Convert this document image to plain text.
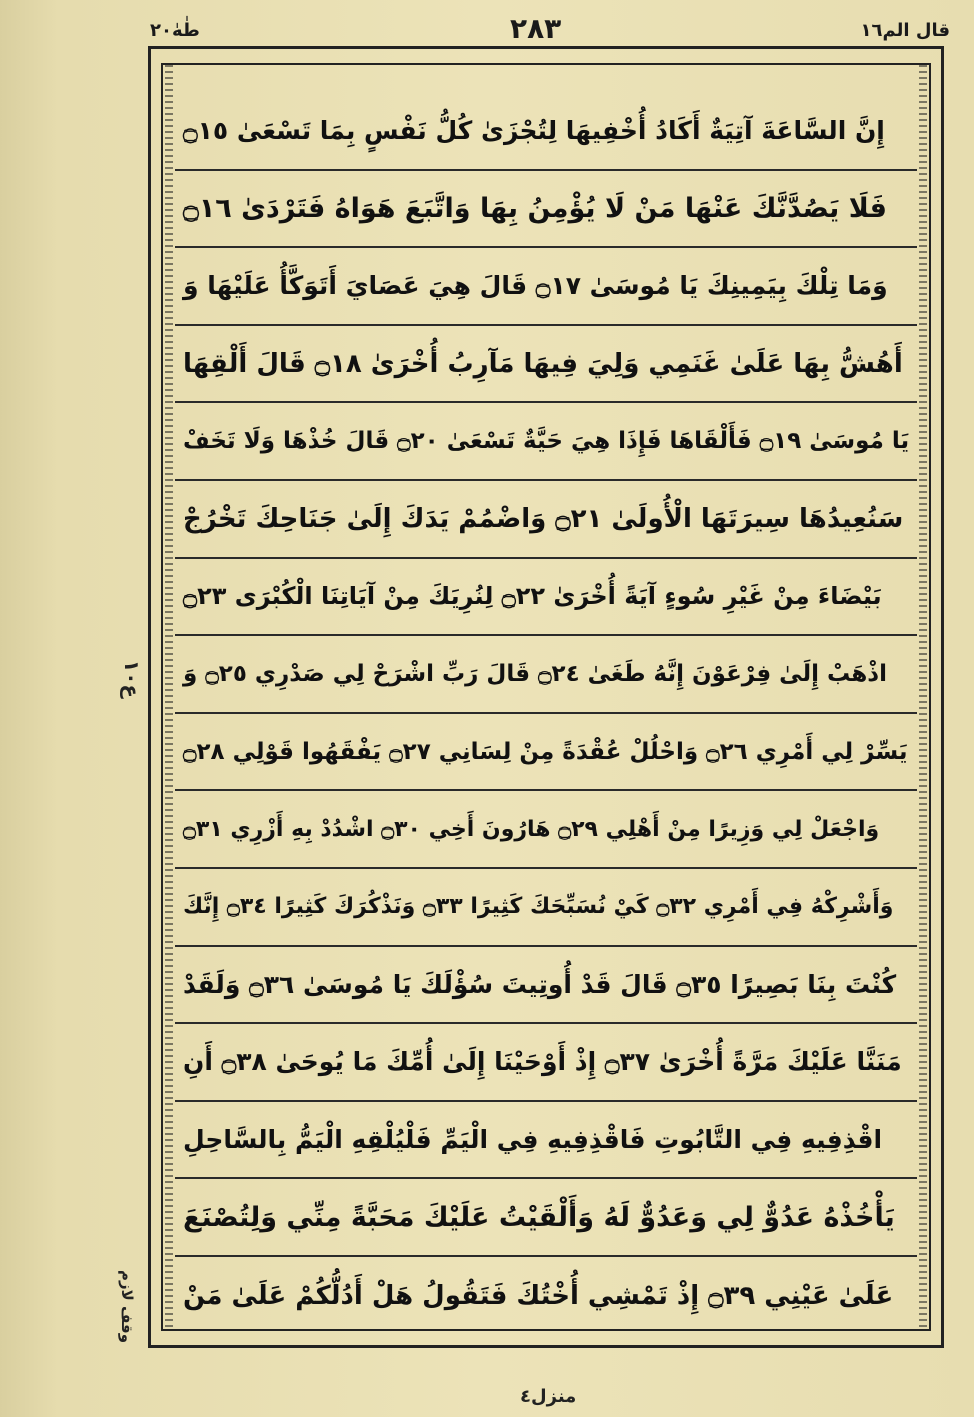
طٰهٰ٢٠	٢٨٣	قال الم١٦
إِنَّ السَّاعَةَ آتِيَةٌ أَكَادُ أُخْفِيهَا لِتُجْزَىٰ كُلُّ نَفْسٍ بِمَا تَسْعَىٰ ۝١٥
فَلَا يَصُدَّنَّكَ عَنْهَا مَنْ لَا يُؤْمِنُ بِهَا وَاتَّبَعَ هَوَاهُ فَتَرْدَىٰ ۝١٦
وَمَا تِلْكَ بِيَمِينِكَ يَا مُوسَىٰ ۝١٧ قَالَ هِيَ عَصَايَ أَتَوَكَّأُ عَلَيْهَا وَ
أَهُشُّ بِهَا عَلَىٰ غَنَمِي وَلِيَ فِيهَا مَآرِبُ أُخْرَىٰ ۝١٨ قَالَ أَلْقِهَا
يَا مُوسَىٰ ۝١٩ فَأَلْقَاهَا فَإِذَا هِيَ حَيَّةٌ تَسْعَىٰ ۝٢٠ قَالَ خُذْهَا وَلَا تَخَفْ
سَنُعِيدُهَا سِيرَتَهَا الْأُولَىٰ ۝٢١ وَاضْمُمْ يَدَكَ إِلَىٰ جَنَاحِكَ تَخْرُجْ
بَيْضَاءَ مِنْ غَيْرِ سُوءٍ آيَةً أُخْرَىٰ ۝٢٢ لِنُرِيَكَ مِنْ آيَاتِنَا الْكُبْرَى ۝٢٣
اذْهَبْ إِلَىٰ فِرْعَوْنَ إِنَّهُ طَغَىٰ ۝٢٤ قَالَ رَبِّ اشْرَحْ لِي صَدْرِي ۝٢٥ وَ
يَسِّرْ لِي أَمْرِي ۝٢٦ وَاحْلُلْ عُقْدَةً مِنْ لِسَانِي ۝٢٧ يَفْقَهُوا قَوْلِي ۝٢٨
وَاجْعَلْ لِي وَزِيرًا مِنْ أَهْلِي ۝٢٩ هَارُونَ أَخِي ۝٣٠ اشْدُدْ بِهِ أَزْرِي ۝٣١
وَأَشْرِكْهُ فِي أَمْرِي ۝٣٢ كَيْ نُسَبِّحَكَ كَثِيرًا ۝٣٣ وَنَذْكُرَكَ كَثِيرًا ۝٣٤ إِنَّكَ
كُنْتَ بِنَا بَصِيرًا ۝٣٥ قَالَ قَدْ أُوتِيتَ سُؤْلَكَ يَا مُوسَىٰ ۝٣٦ وَلَقَدْ
مَنَنَّا عَلَيْكَ مَرَّةً أُخْرَىٰ ۝٣٧ إِذْ أَوْحَيْنَا إِلَىٰ أُمِّكَ مَا يُوحَىٰ ۝٣٨ أَنِ
اقْذِفِيهِ فِي التَّابُوتِ فَاقْذِفِيهِ فِي الْيَمِّ فَلْيُلْقِهِ الْيَمُّ بِالسَّاحِلِ
يَأْخُذْهُ عَدُوٌّ لِي وَعَدُوٌّ لَهُ وَأَلْقَيْتُ عَلَيْكَ مَحَبَّةً مِنِّي وَلِتُصْنَعَ
عَلَىٰ عَيْنِي ۝٣٩ إِذْ تَمْشِي أُخْتُكَ فَتَقُولُ هَلْ أَدُلُّكُمْ عَلَىٰ مَنْ
ع١٠
وقف لازم
منزل٤
